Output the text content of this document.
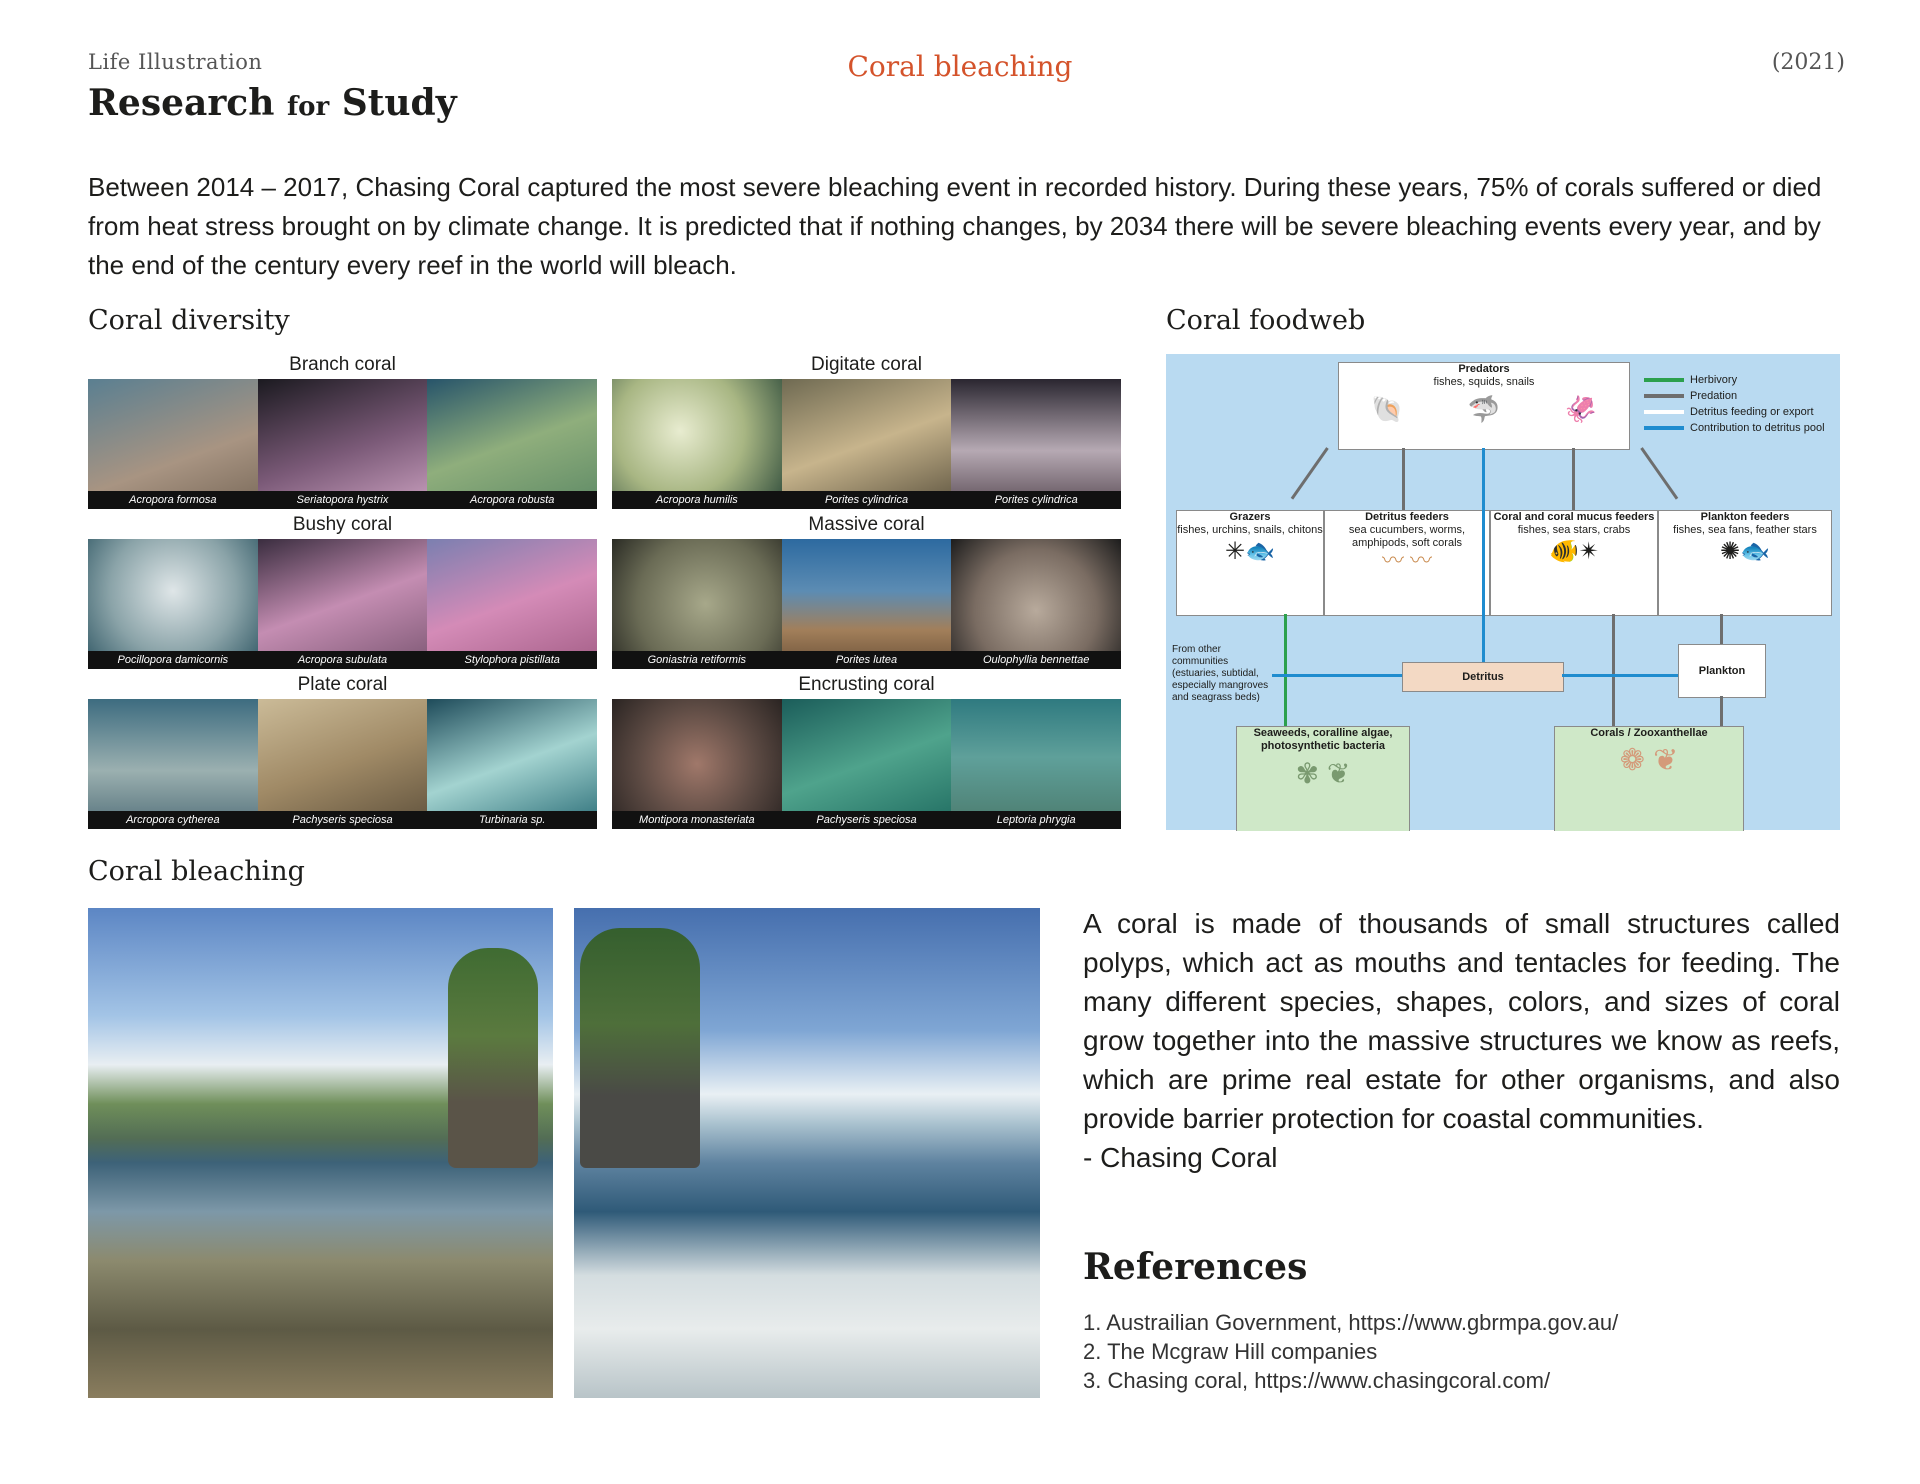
Life Illustration
Research for Study
Coral bleaching	(2021)
Between 2014 – 2017, Chasing Coral captured the most severe bleaching event in recorded history. During these years, 75% of corals suffered or died from heat stress brought on by climate change. It is predicted that if nothing changes, by 2034 there will be severe bleaching events every year, and by the end of the century every reef in the world will bleach.
Coral diversity
Branch coral
Acropora formosa	Seriatopora hystrix	Acropora robusta
Digitate coral
Acropora humilis	Porites cylindrica	Porites cylindrica
Bushy coral
Pocillopora damicornis	Acropora subulata	Stylophora pistillata
Massive coral
Goniastria retiformis	Porites lutea	Oulophyllia bennettae
Plate coral
Arcropora cytherea	Pachyseris speciosa	Turbinaria sp.
Encrusting coral
Montipora monasteriata	Pachyseris speciosa	Leptoria phrygia
Coral foodweb
Predators
fishes, squids, snails
🐚 🦈 🦑
Herbivory
Predation
Detritus feeding or export
Contribution to detritus pool
Grazers
fishes, urchins, snails, chitons
✳🐟
Detritus feeders
sea cucumbers, worms, amphipods, soft corals
〰 〰
Coral and coral mucus feeders
fishes, sea stars, crabs
🐠✴
Plankton feeders
fishes, sea fans, feather stars
✺🐟
From other communities (estuaries, subtidal, especially mangroves and seagrass beds)
Detritus	Plankton
Seaweeds, coralline algae, photosynthetic bacteria
✾ ❦
Corals / Zooxanthellae
❁ ❦
Coral bleaching
A coral is made of thousands of small structures called polyps, which act as mouths and tentacles for feeding. The many different species, shapes, colors, and sizes of coral grow together into the massive structures we know as reefs, which are prime real estate for other organisms, and also provide barrier protection for coastal communities.
- Chasing Coral
References
1. Austrailian Government, https://www.gbrmpa.gov.au/
2. The Mcgraw Hill companies
3. Chasing coral, https://www.chasingcoral.com/
